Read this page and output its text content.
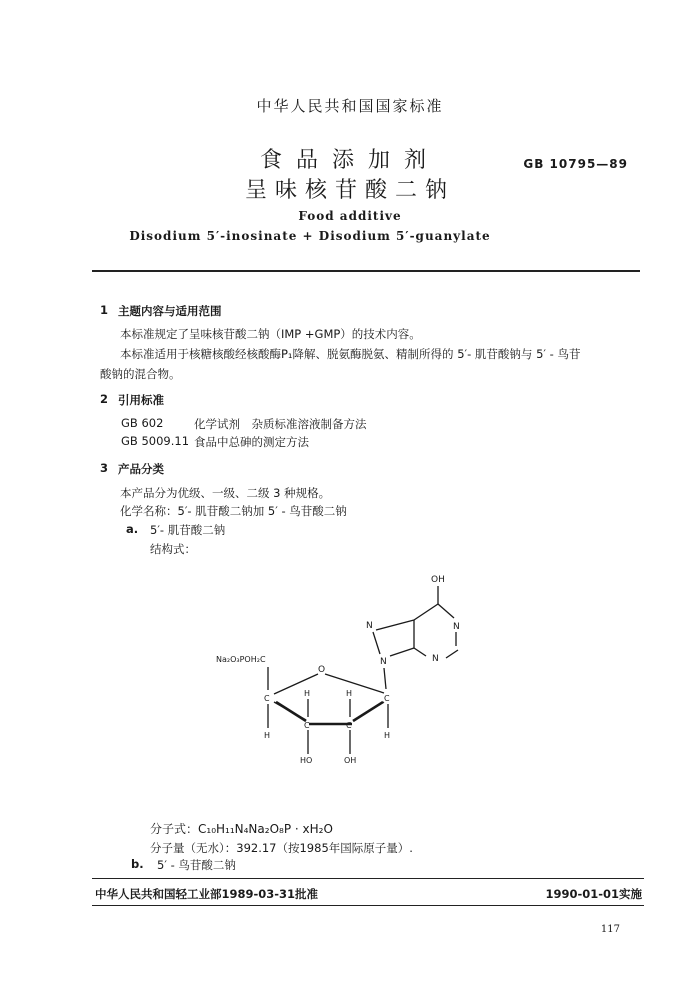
中华人民共和国国家标准
食品添加剂
呈味核苷酸二钠
GB 10795—89
Food additive
Disodium 5′-inosinate + Disodium 5′-guanylate
1 主题内容与适用范围
本标准规定了呈味核苷酸二钠（IMP +GMP）的技术内容。
本标准适用于核糖核酸经核酸酶P₁降解、脱氨酶脱氨、精制所得的 5′- 肌苷酸钠与 5′ - 鸟苷
酸钠的混合物。
2 引用标准
GB 602	化学试剂　杂质标准溶液制备方法
GB 5009.11 食品中总砷的测定方法
3 产品分类
本产品分为优级、一级、二级 3 种规格。
化学名称：5′- 肌苷酸二钠加 5′ - 鸟苷酸二钠
a. 5′- 肌苷酸二钠
结构式：
OH
N	N
N	N
Na₂O₃POH₂C
O
C	C
C	C
H	H
H	H
HO	OH
分子式：C₁₀H₁₁N₄Na₂O₈P · xH₂O
分子量（无水）：392.17（按1985年国际原子量）.
b. 5′ - 鸟苷酸二钠
中华人民共和国轻工业部1989-03-31批准	1990-01-01实施
117
